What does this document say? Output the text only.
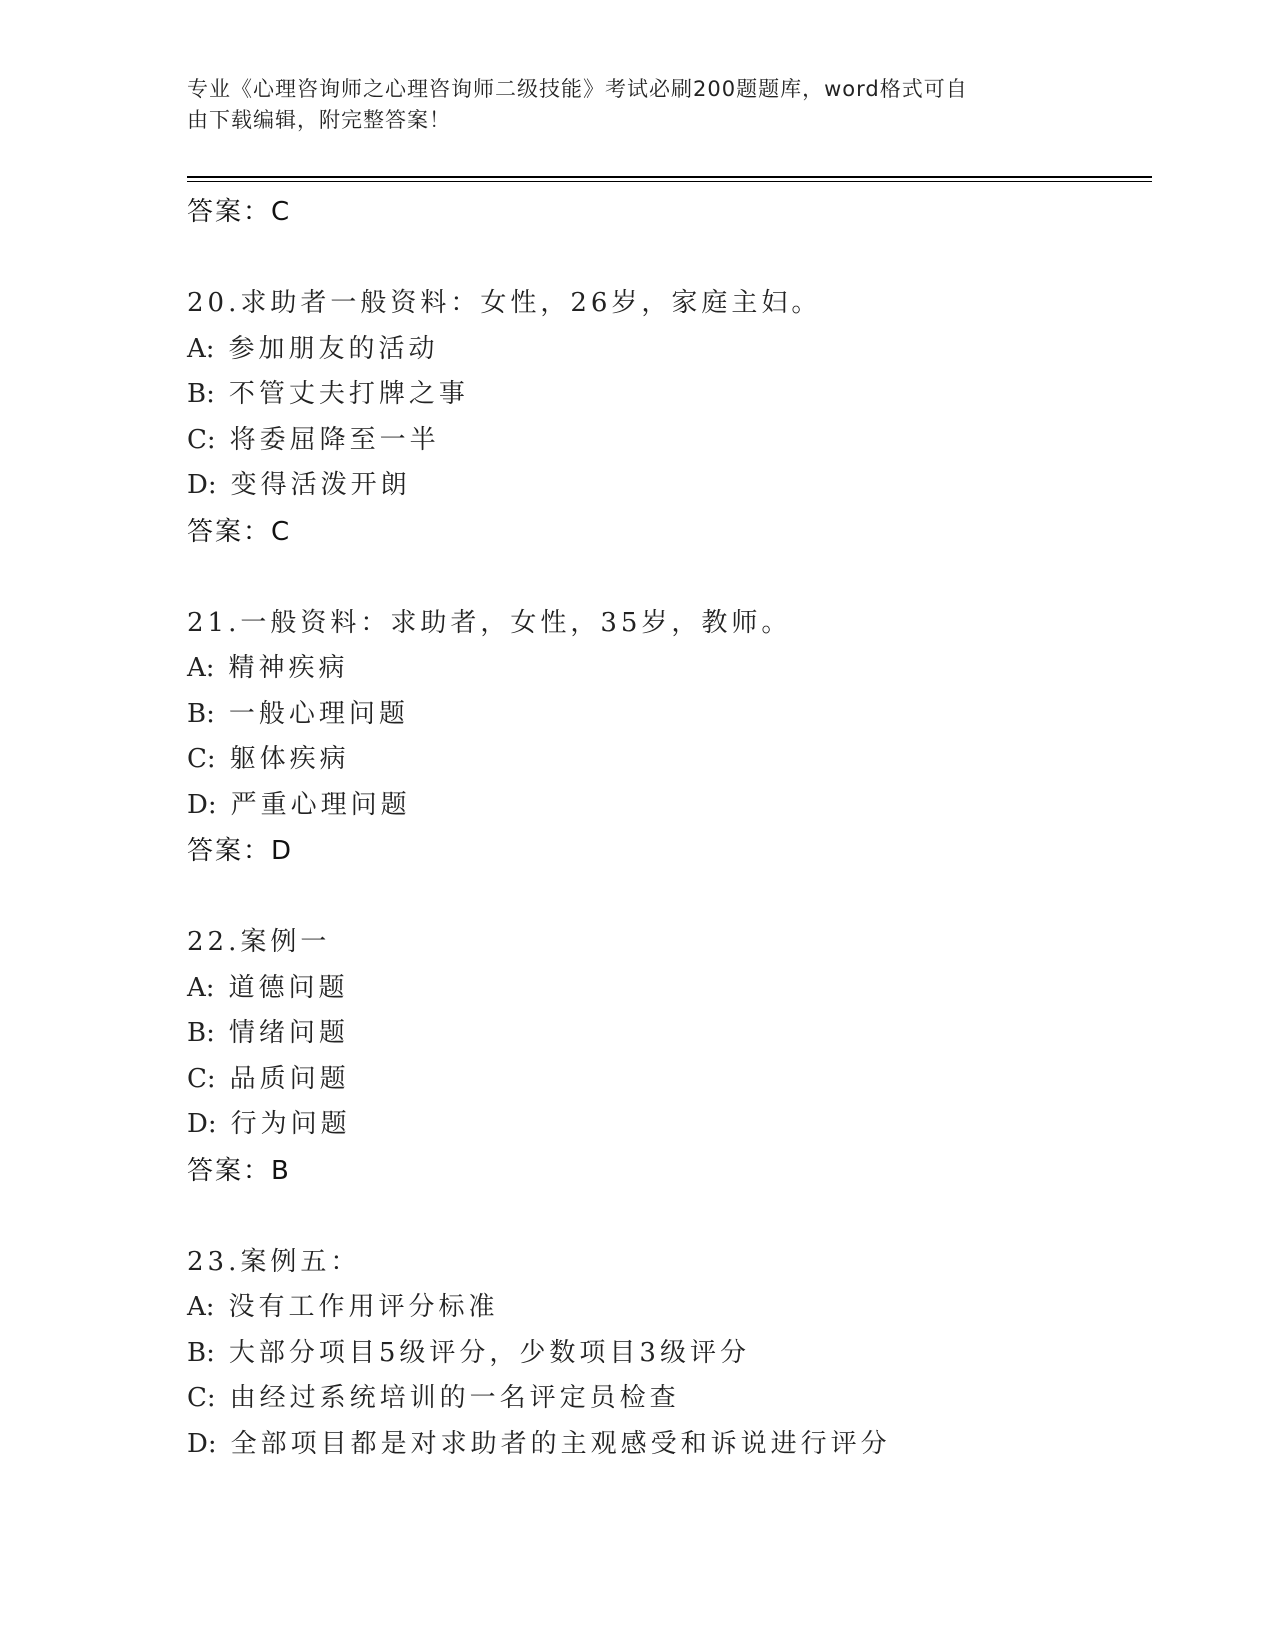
专业《心理咨询师之心理咨询师二级技能》考试必刷200题题库，word格式可自
由下载编辑，附完整答案！
答案：C
20.求助者一般资料：女性，26岁，家庭主妇。
A: 参加朋友的活动
B: 不管丈夫打牌之事
C: 将委屈降至一半
D: 变得活泼开朗
答案：C
21.一般资料：求助者，女性，35岁，教师。
A: 精神疾病
B: 一般心理问题
C: 躯体疾病
D: 严重心理问题
答案：D
22.案例一
A: 道德问题
B: 情绪问题
C: 品质问题
D: 行为问题
答案：B
23.案例五：
A: 没有工作用评分标准
B: 大部分项目5级评分，少数项目3级评分
C: 由经过系统培训的一名评定员检查
D: 全部项目都是对求助者的主观感受和诉说进行评分
